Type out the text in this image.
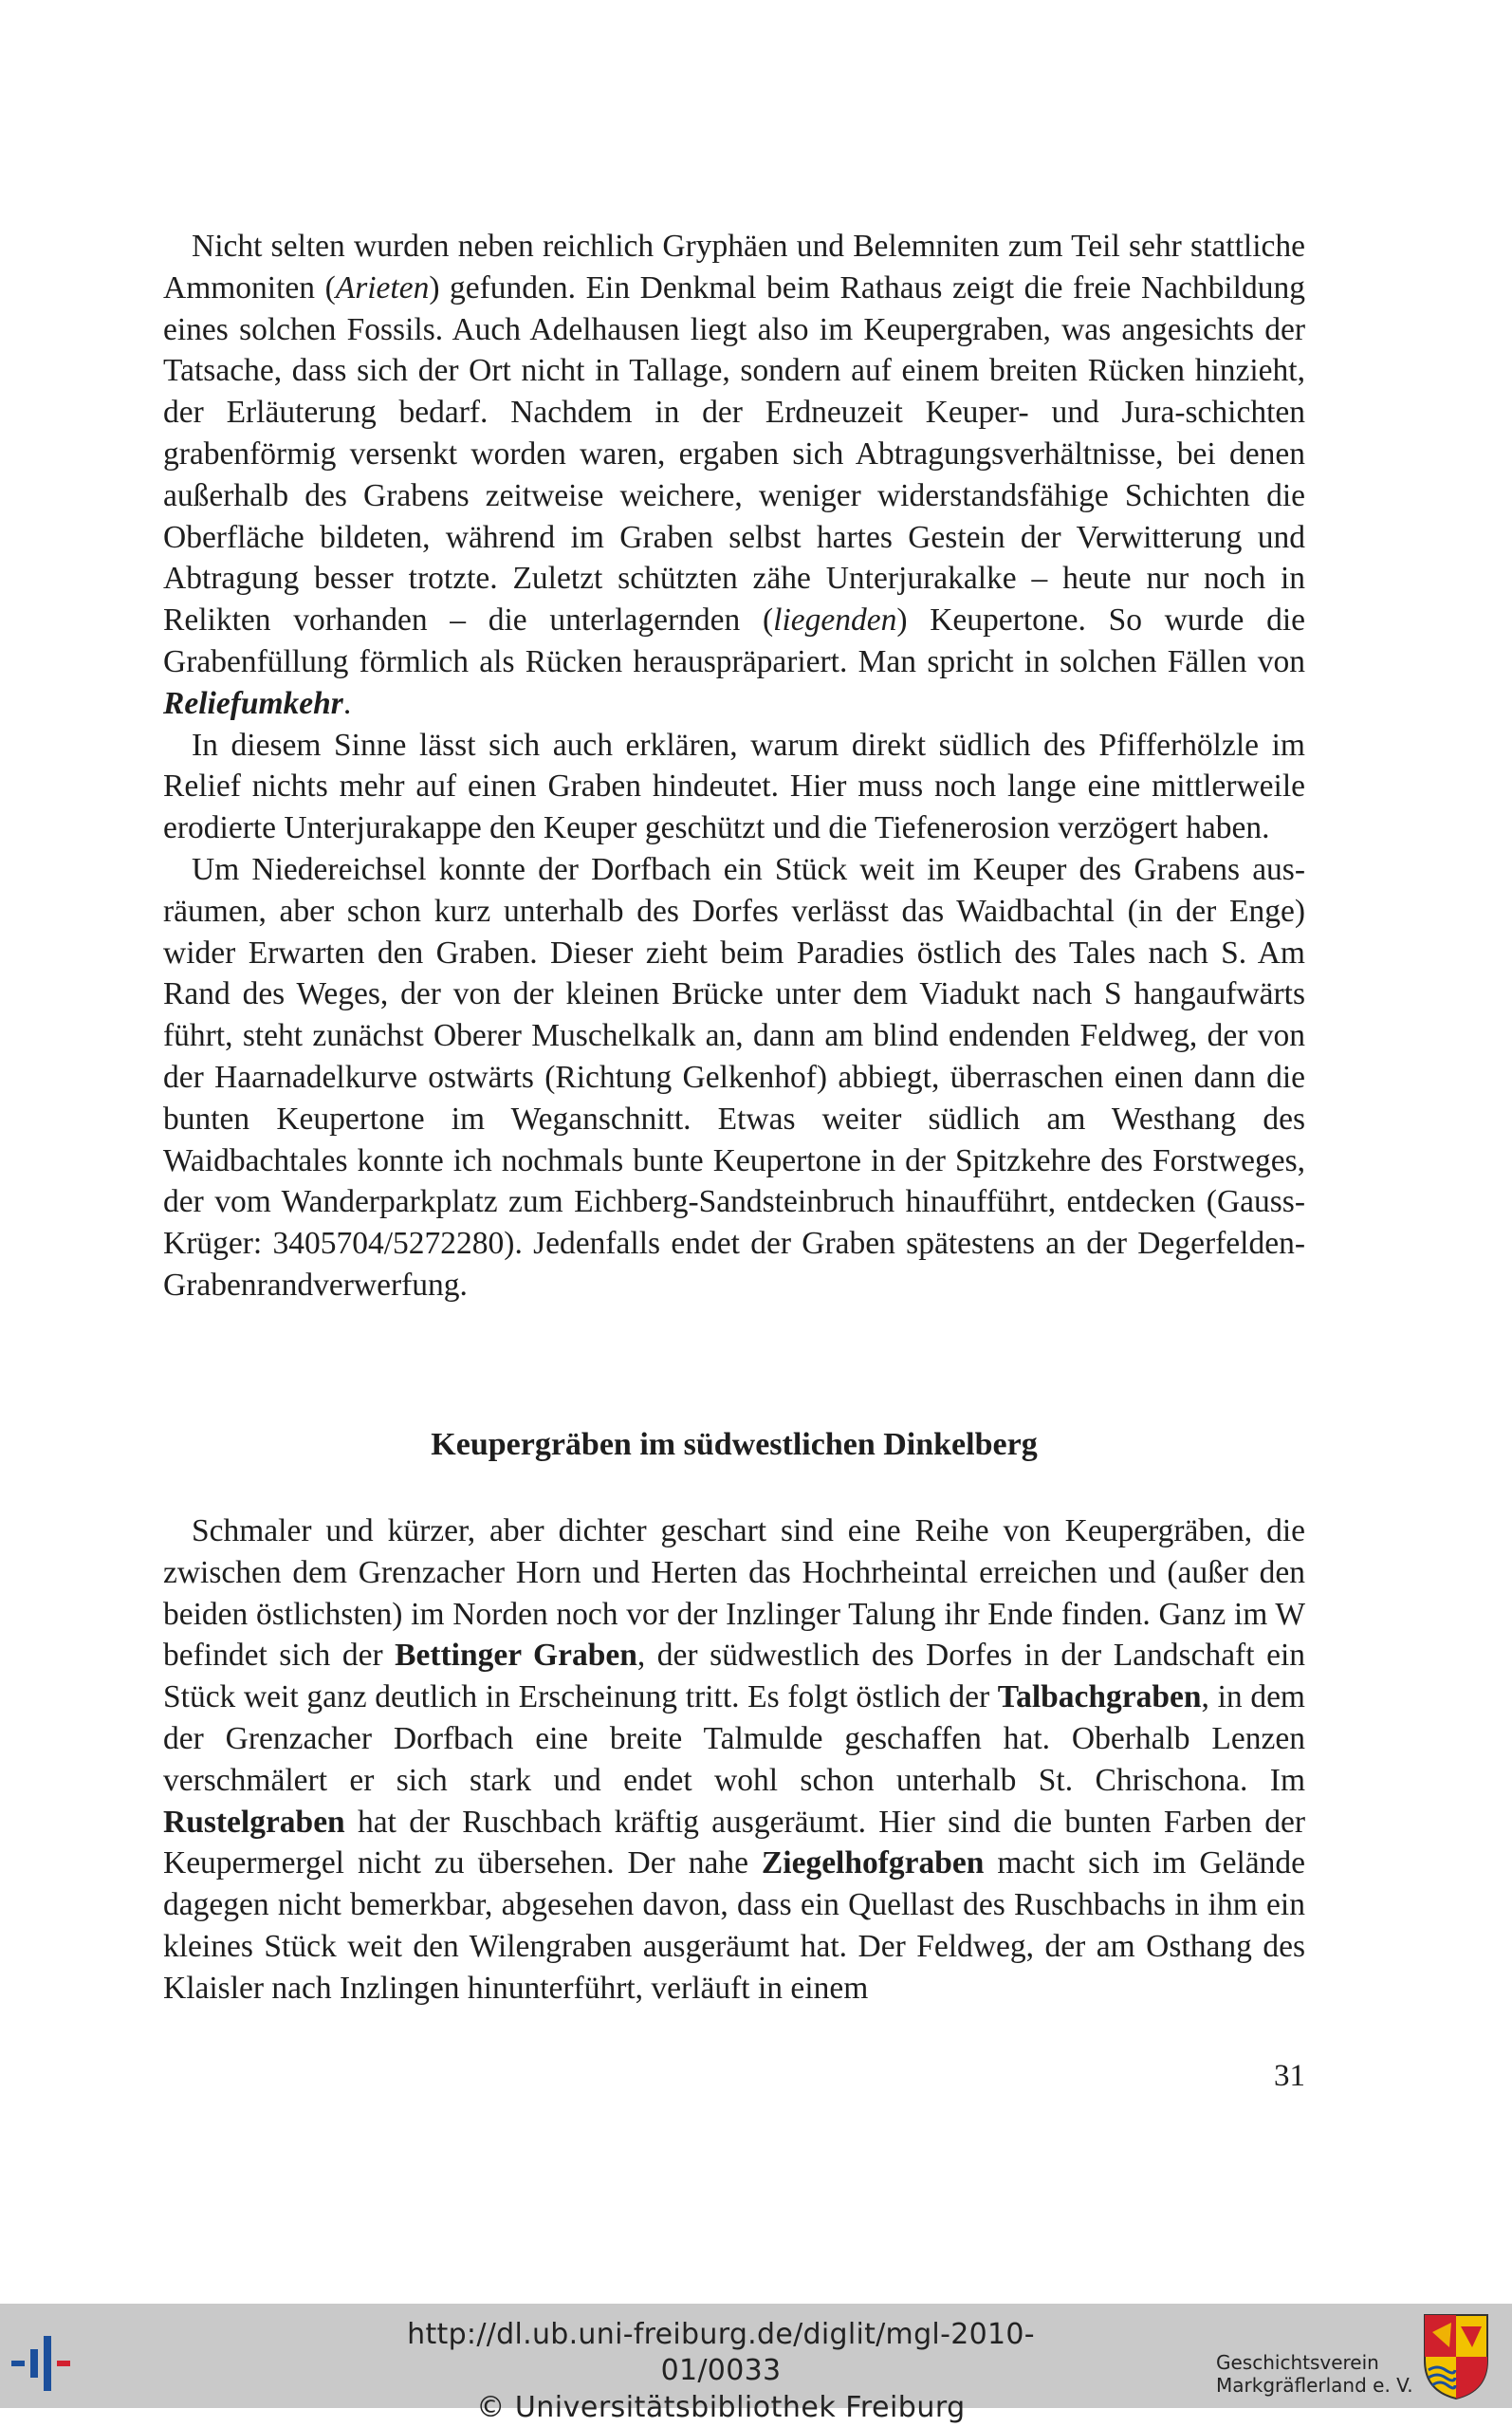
Nicht selten wurden neben reichlich Gryphäen und Belemniten zum Teil sehr stattliche Ammoniten (Arieten) gefunden. Ein Denkmal beim Rathaus zeigt die freie Nachbildung eines solchen Fossils. Auch Adelhausen liegt also im Keupergraben, was angesichts der Tatsache, dass sich der Ort nicht in Tallage, sondern auf einem breiten Rücken hinzieht, der Erläuterung bedarf. Nachdem in der Erdneuzeit Keuper- und Jura-schichten grabenförmig versenkt worden waren, ergaben sich Abtragungsverhältnisse, bei denen außerhalb des Grabens zeitweise weichere, weniger widerstandsfähige Schichten die Oberfläche bildeten, während im Graben selbst hartes Gestein der Verwitterung und Abtragung besser trotzte. Zuletzt schützten zähe Unterjurakalke – heute nur noch in Relikten vorhanden – die unterlagernden (liegenden) Keupertone. So wurde die Grabenfüllung förmlich als Rücken herauspräpariert. Man spricht in solchen Fällen von Reliefumkehr.

In diesem Sinne lässt sich auch erklären, warum direkt südlich des Pfifferhölzle im Relief nichts mehr auf einen Graben hindeutet. Hier muss noch lange eine mittlerweile erodierte Unterjurakappe den Keuper geschützt und die Tiefenerosion verzögert haben.

Um Niedereichsel konnte der Dorfbach ein Stück weit im Keuper des Grabens aus-räumen, aber schon kurz unterhalb des Dorfes verlässt das Waidbachtal (in der Enge) wider Erwarten den Graben. Dieser zieht beim Paradies östlich des Tales nach S. Am Rand des Weges, der von der kleinen Brücke unter dem Viadukt nach S hangaufwärts führt, steht zunächst Oberer Muschelkalk an, dann am blind endenden Feldweg, der von der Haarnadelkurve ostwärts (Richtung Gelkenhof) abbiegt, überraschen einen dann die bunten Keupertone im Weganschnitt. Etwas weiter südlich am Westhang des Waidbachtales konnte ich nochmals bunte Keupertone in der Spitzkehre des Forstweges, der vom Wanderparkplatz zum Eichberg-Sandsteinbruch hinaufführt, entdecken (Gauss-Krüger: 3405704/5272280). Jedenfalls endet der Graben spätestens an der Degerfelden-Grabenrandverwerfung.

Keupergräben im südwestlichen Dinkelberg

Schmaler und kürzer, aber dichter geschart sind eine Reihe von Keupergräben, die zwischen dem Grenzacher Horn und Herten das Hochrheintal erreichen und (außer den beiden östlichsten) im Norden noch vor der Inzlinger Talung ihr Ende finden. Ganz im W befindet sich der Bettinger Graben, der südwestlich des Dorfes in der Landschaft ein Stück weit ganz deutlich in Erscheinung tritt. Es folgt östlich der Talbachgraben, in dem der Grenzacher Dorfbach eine breite Talmulde geschaffen hat. Oberhalb Lenzen verschmälert er sich stark und endet wohl schon unterhalb St. Chrischona. Im Rustelgraben hat der Ruschbach kräftig ausgeräumt. Hier sind die bunten Farben der Keupermergel nicht zu übersehen. Der nahe Ziegelhofgraben macht sich im Gelände dagegen nicht bemerkbar, abgesehen davon, dass ein Quellast des Ruschbachs in ihm ein kleines Stück weit den Wilengraben ausgeräumt hat. Der Feldweg, der am Osthang des Klaisler nach Inzlingen hinunterführt, verläuft in einem

31
http://dl.ub.uni-freiburg.de/diglit/mgl-2010-01/0033
© Universitätsbibliothek Freiburg
Geschichtsverein
Markgräflerland e. V.
